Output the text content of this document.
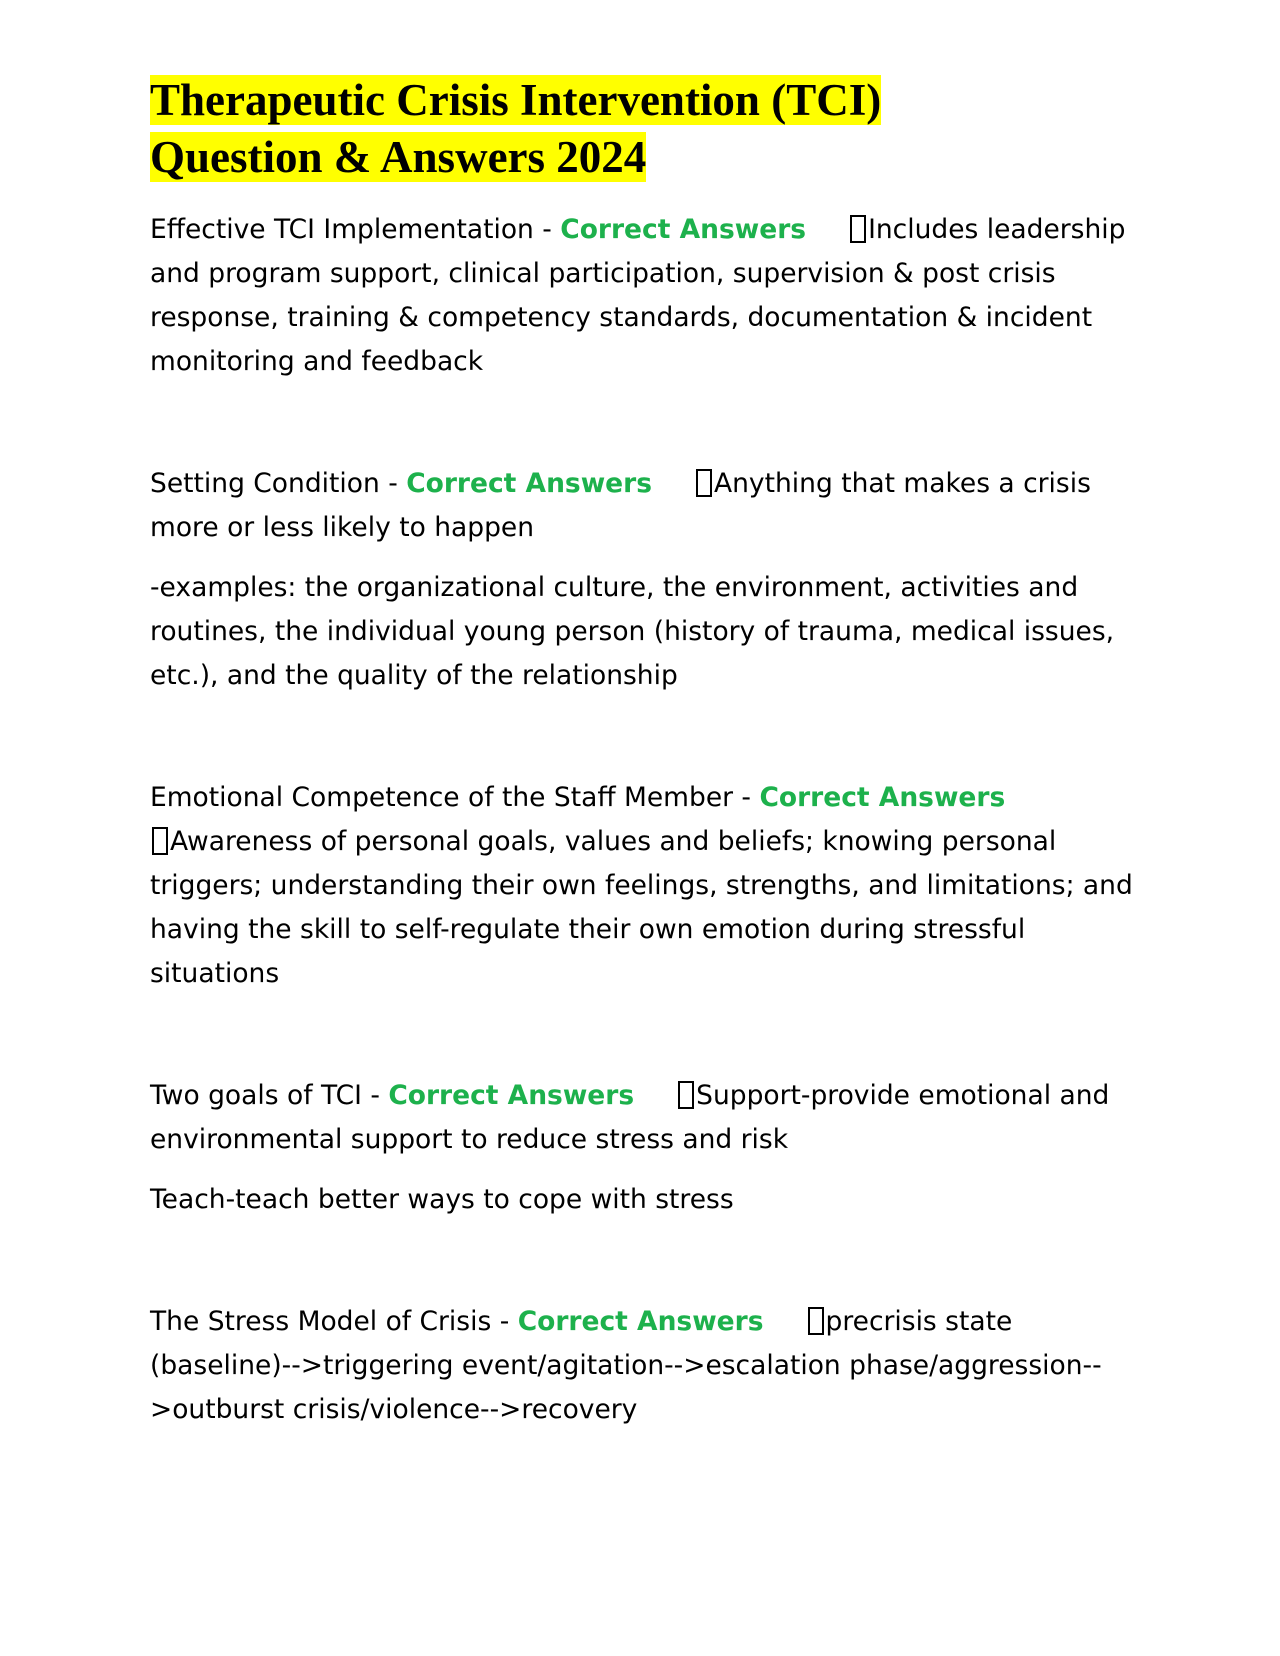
Therapeutic Crisis Intervention (TCI)
Question & Answers 2024

Effective TCI Implementation - Correct Answers Includes leadership and program support, clinical participation, supervision & post crisis response, training & competency standards, documentation & incident monitoring and feedback

Setting Condition - Correct Answers Anything that makes a crisis more or less likely to happen

-examples: the organizational culture, the environment, activities and routines, the individual young person (history of trauma, medical issues, etc.), and the quality of the relationship

Emotional Competence of the Staff Member - Correct Answers
Awareness of personal goals, values and beliefs; knowing personal triggers; understanding their own feelings, strengths, and limitations; and having the skill to self-regulate their own emotion during stressful situations

Two goals of TCI - Correct Answers Support-provide emotional and environmental support to reduce stress and risk

Teach-teach better ways to cope with stress

The Stress Model of Crisis - Correct Answers precrisis state (baseline)-->triggering event/agitation-->escalation phase/aggression-->outburst crisis/violence-->recovery
